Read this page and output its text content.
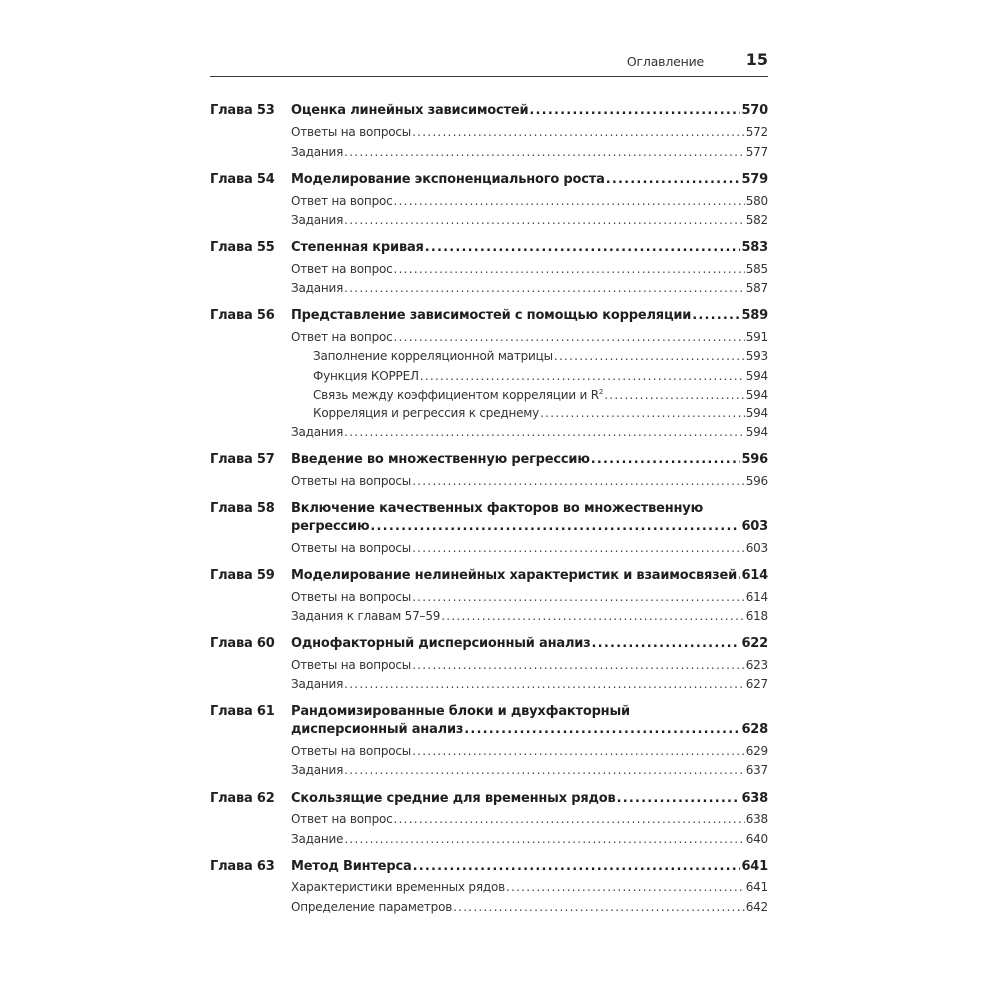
Оглавление	15
Глава 53 Оценка линейных зависимостей .....	570
Ответы на вопросы .....	572
Задания .....	577
Глава 54 Моделирование экспоненциального роста .....	579
Ответ на вопрос .....	580
Задания .....	582
Глава 55 Степенная кривая .....	583
Ответ на вопрос .....	585
Задания .....	587
Глава 56 Представление зависимостей с помощью корреляции .....	589
Ответ на вопрос .....	591
Заполнение корреляционной матрицы .....	593
Функция КОРРЕЛ .....	594
Связь между коэффициентом корреляции и $R^2$ .....	594
Корреляция и регрессия к среднему .....	594
Задания .....	594
Глава 57 Введение во множественную регрессию .....	596
Ответы на вопросы .....	596
Глава 58 Включение качественных факторов во множественную
регрессию .....	603
Ответы на вопросы .....	603
Глава 59 Моделирование нелинейных характеристик и взаимосвязей ..... 614
Ответы на вопросы .....	614
Задания к главам 57–59 .....	618
Глава 60 Однофакторный дисперсионный анализ .....	622
Ответы на вопросы .....	623
Задания .....	627
Глава 61 Рандомизированные блоки и двухфакторный
дисперсионный анализ .....	628
Ответы на вопросы .....	629
Задания .....	637
Глава 62 Скользящие средние для временных рядов .....	638
Ответ на вопрос .....	638
Задание .....	640
Глава 63 Метод Винтерса .....	641
Характеристики временных рядов .....	641
Определение параметров .....	642
